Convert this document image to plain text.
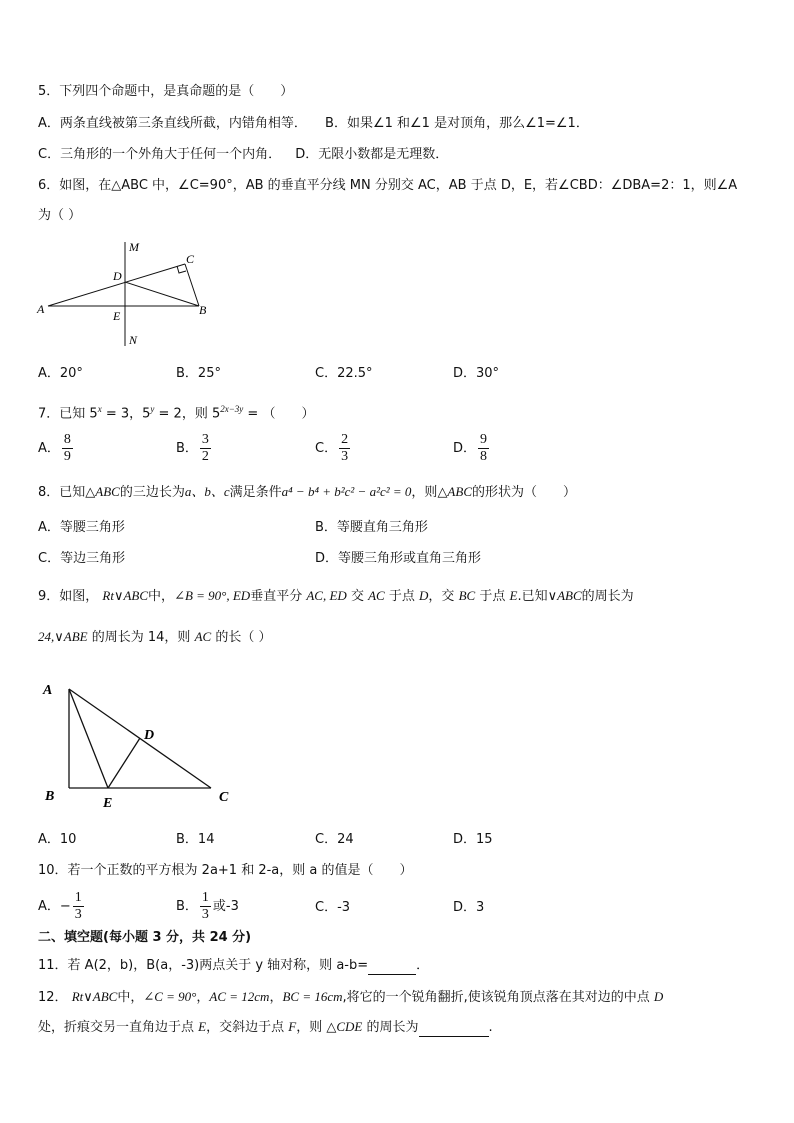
5．下列四个命题中，是真命题的是（　　）
A．两条直线被第三条直线所截，内错角相等． B．如果∠1 和∠1 是对顶角，那么∠1=∠1．
C．三角形的一个外角大于任何一个内角． D．无限小数都是无理数．
6．如图，在△ABC 中，∠C=90°，AB 的垂直平分线 MN 分别交 AC，AB 于点 D，E，若∠CBD：∠DBA=2：1，则∠A
为（ ）
M
C
D
A	E	B
N
A．20°	B．25°	C．22.5°	D．30°
7．已知 $5^x = 3$，$5^y = 2$，则 $5^{2x-3y}$ = （　　）
A． $\frac{8}{9}$	B． $\frac{3}{2}$	C． $\frac{2}{3}$	D． $\frac{9}{8}$
8．已知△ABC的三边长为a、b、c满足条件a⁴ − b⁴ + b²c² − a²c² = 0，则△ABC的形状为（　　）
A．等腰三角形	B．等腰直角三角形
C．等边三角形	D．等腰三角形或直角三角形
9．如图， Rt∨ABC中，∠B = 90°, ED垂直平分 AC, ED 交 AC 于点 D，交 BC 于点 E.已知∨ABC的周长为
24,∨ABE 的周长为 14，则 AC 的长（ ）
A
D
B	E	C
A．10	B．14	C．24	D．15
10．若一个正数的平方根为 2a+1 和 2-a，则 a 的值是（　　）
A．− $\frac{1}{3}$	B． $\frac{1}{3}$ 或-3	C．-3	D．3
二、填空题(每小题 3 分，共 24 分)
11．若 A(2，b)，B(a，-3)两点关于 y 轴对称，则 a-b=	．
12． Rt∨ABC中，∠C = 90°，AC = 12cm，BC = 16cm,将它的一个锐角翻折,使该锐角顶点落在其对边的中点 D
处，折痕交另一直角边于点 E，交斜边于点 F，则 △CDE 的周长为	.
